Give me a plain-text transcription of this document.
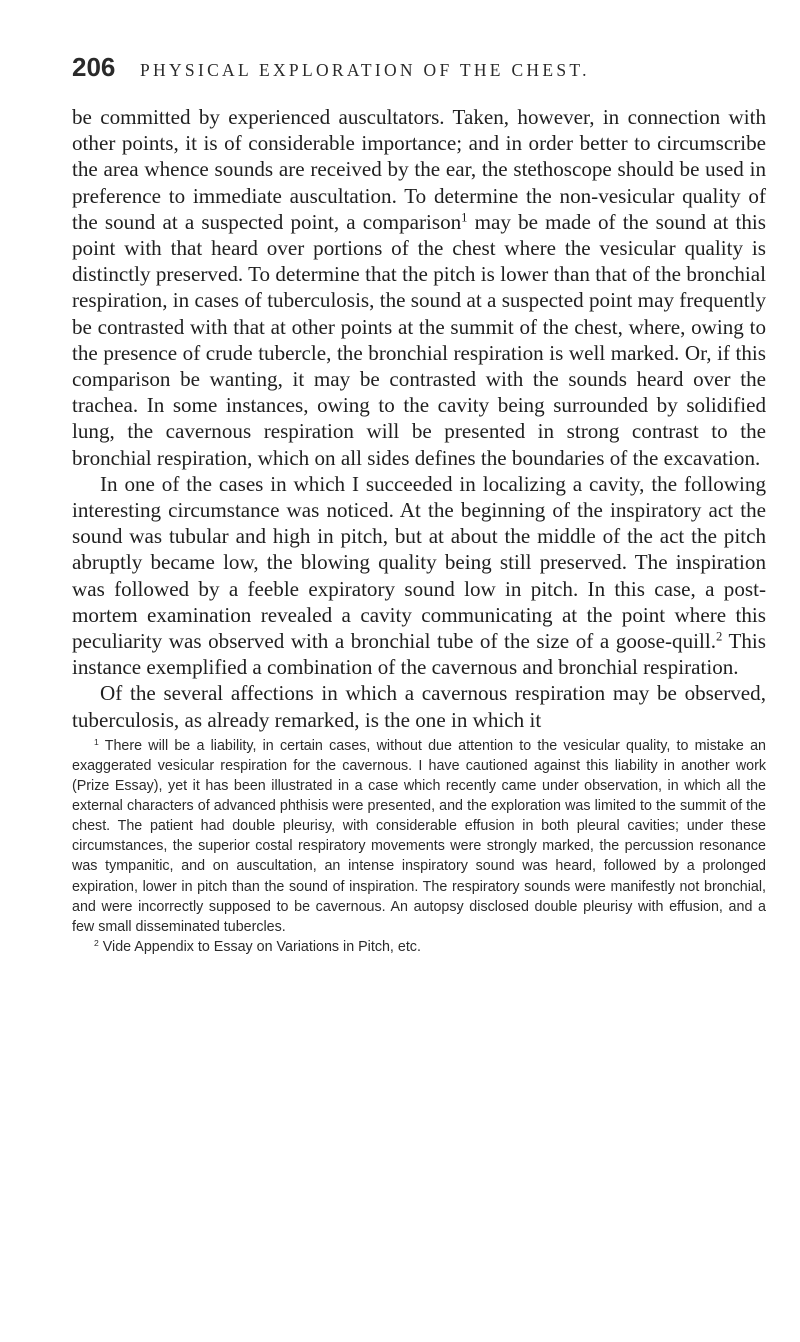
206	PHYSICAL EXPLORATION OF THE CHEST.

be committed by experienced auscultators. Taken, however, in connection with other points, it is of considerable importance; and in order better to circumscribe the area whence sounds are received by the ear, the stethoscope should be used in preference to immediate auscultation. To determine the non-vesicular quality of the sound at a suspected point, a comparison$^1$ may be made of the sound at this point with that heard over portions of the chest where the vesicular quality is distinctly preserved. To determine that the pitch is lower than that of the bronchial respiration, in cases of tuberculosis, the sound at a suspected point may frequently be contrasted with that at other points at the summit of the chest, where, owing to the presence of crude tubercle, the bronchial respiration is well marked. Or, if this comparison be wanting, it may be contrasted with the sounds heard over the trachea. In some instances, owing to the cavity being surrounded by solidified lung, the cavernous respiration will be presented in strong contrast to the bronchial respiration, which on all sides defines the boundaries of the excavation.

In one of the cases in which I succeeded in localizing a cavity, the following interesting circumstance was noticed. At the beginning of the inspiratory act the sound was tubular and high in pitch, but at about the middle of the act the pitch abruptly became low, the blowing quality being still preserved. The inspiration was followed by a feeble expiratory sound low in pitch. In this case, a post-mortem examination revealed a cavity communicating at the point where this peculiarity was observed with a bronchial tube of the size of a goose-quill.$^2$ This instance exemplified a combination of the cavernous and bronchial respiration.

Of the several affections in which a cavernous respiration may be observed, tuberculosis, as already remarked, is the one in which it

$^1$ There will be a liability, in certain cases, without due attention to the vesicular quality, to mistake an exaggerated vesicular respiration for the cavernous. I have cautioned against this liability in another work (Prize Essay), yet it has been illustrated in a case which recently came under observation, in which all the external characters of advanced phthisis were presented, and the exploration was limited to the summit of the chest. The patient had double pleurisy, with considerable effusion in both pleural cavities; under these circumstances, the superior costal respiratory movements were strongly marked, the percussion resonance was tympanitic, and on auscultation, an intense inspiratory sound was heard, followed by a prolonged expiration, lower in pitch than the sound of inspiration. The respiratory sounds were manifestly not bronchial, and were incorrectly supposed to be cavernous. An autopsy disclosed double pleurisy with effusion, and a few small disseminated tubercles.

$^2$ Vide Appendix to Essay on Variations in Pitch, etc.
